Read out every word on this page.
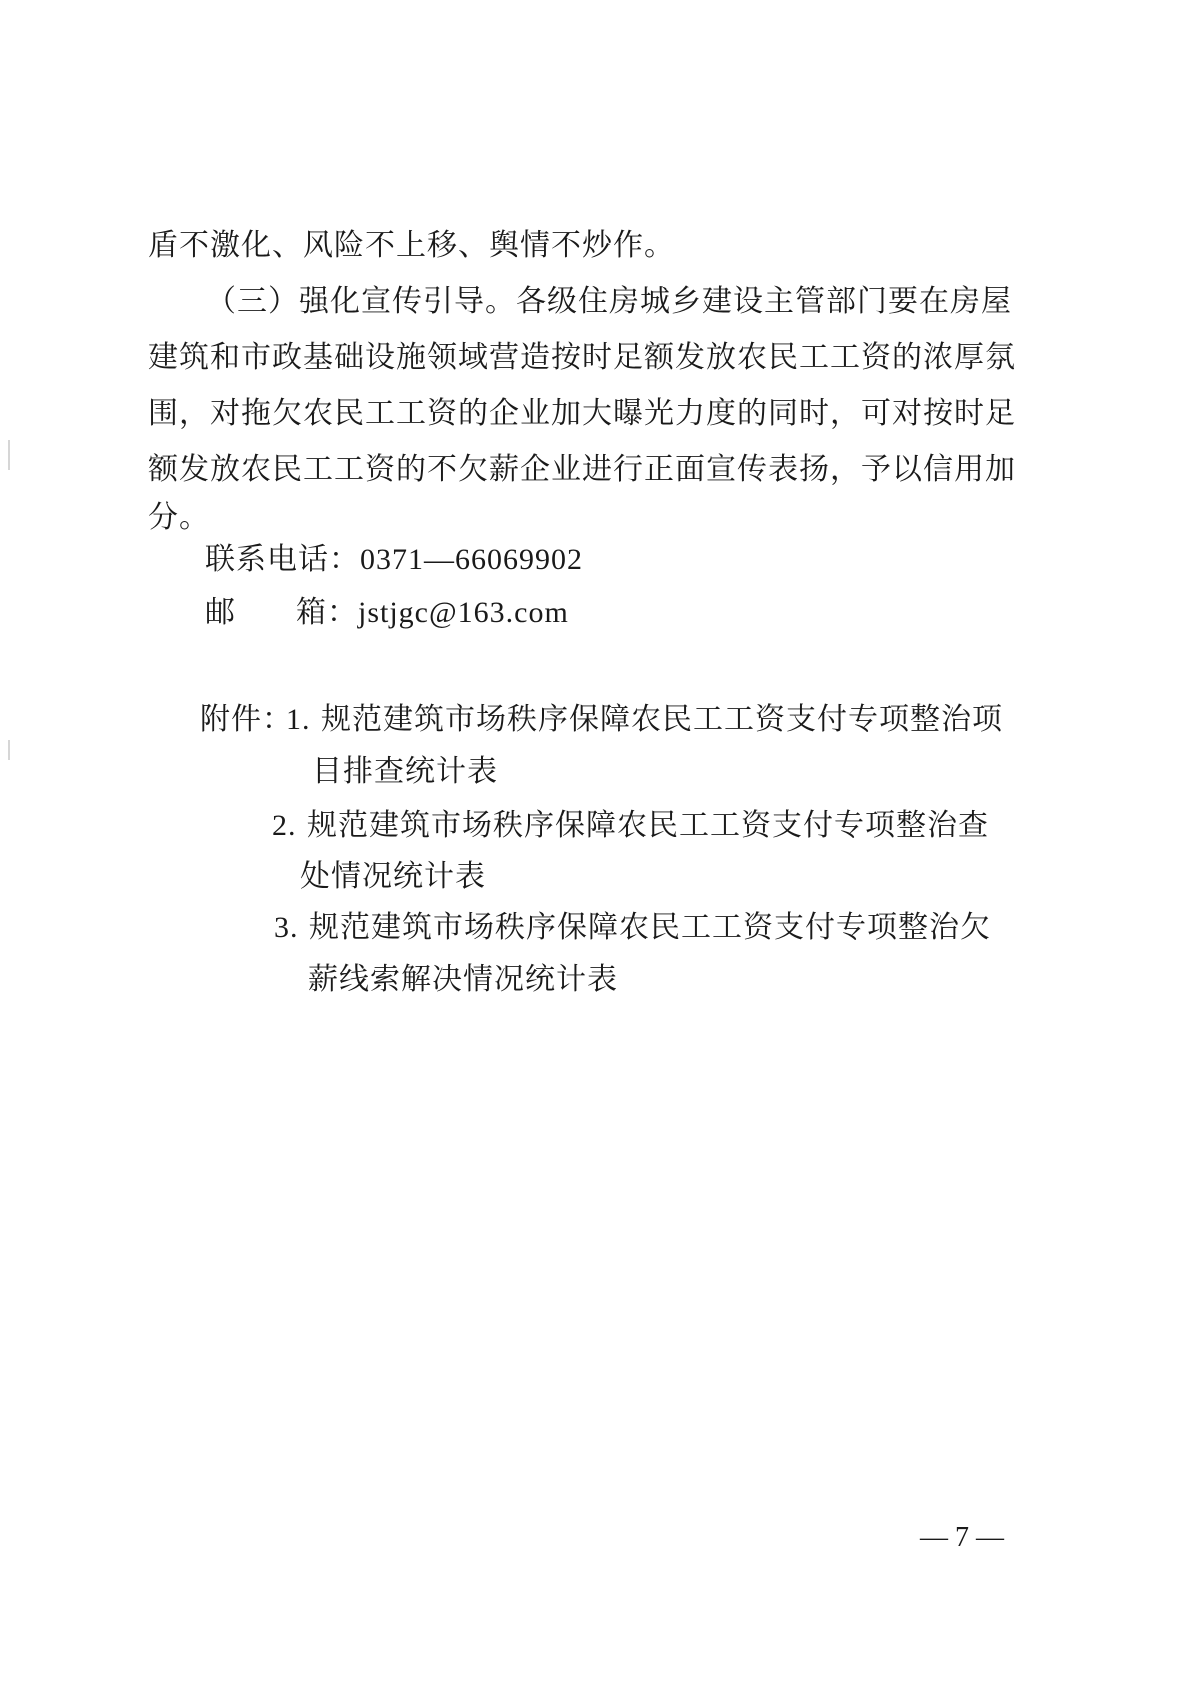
盾不激化、风险不上移、舆情不炒作。
（三）强化宣传引导。各级住房城乡建设主管部门要在房屋
建筑和市政基础设施领域营造按时足额发放农民工工资的浓厚氛
围，对拖欠农民工工资的企业加大曝光力度的同时，可对按时足
额发放农民工工资的不欠薪企业进行正面宣传表扬，予以信用加
分。
联系电话：0371—66069902
邮 箱：jstjgc@163.com
附件：
1. 规范建筑市场秩序保障农民工工资支付专项整治项
目排查统计表
2. 规范建筑市场秩序保障农民工工资支付专项整治查
处情况统计表
3. 规范建筑市场秩序保障农民工工资支付专项整治欠
薪线索解决情况统计表
— 7 —
